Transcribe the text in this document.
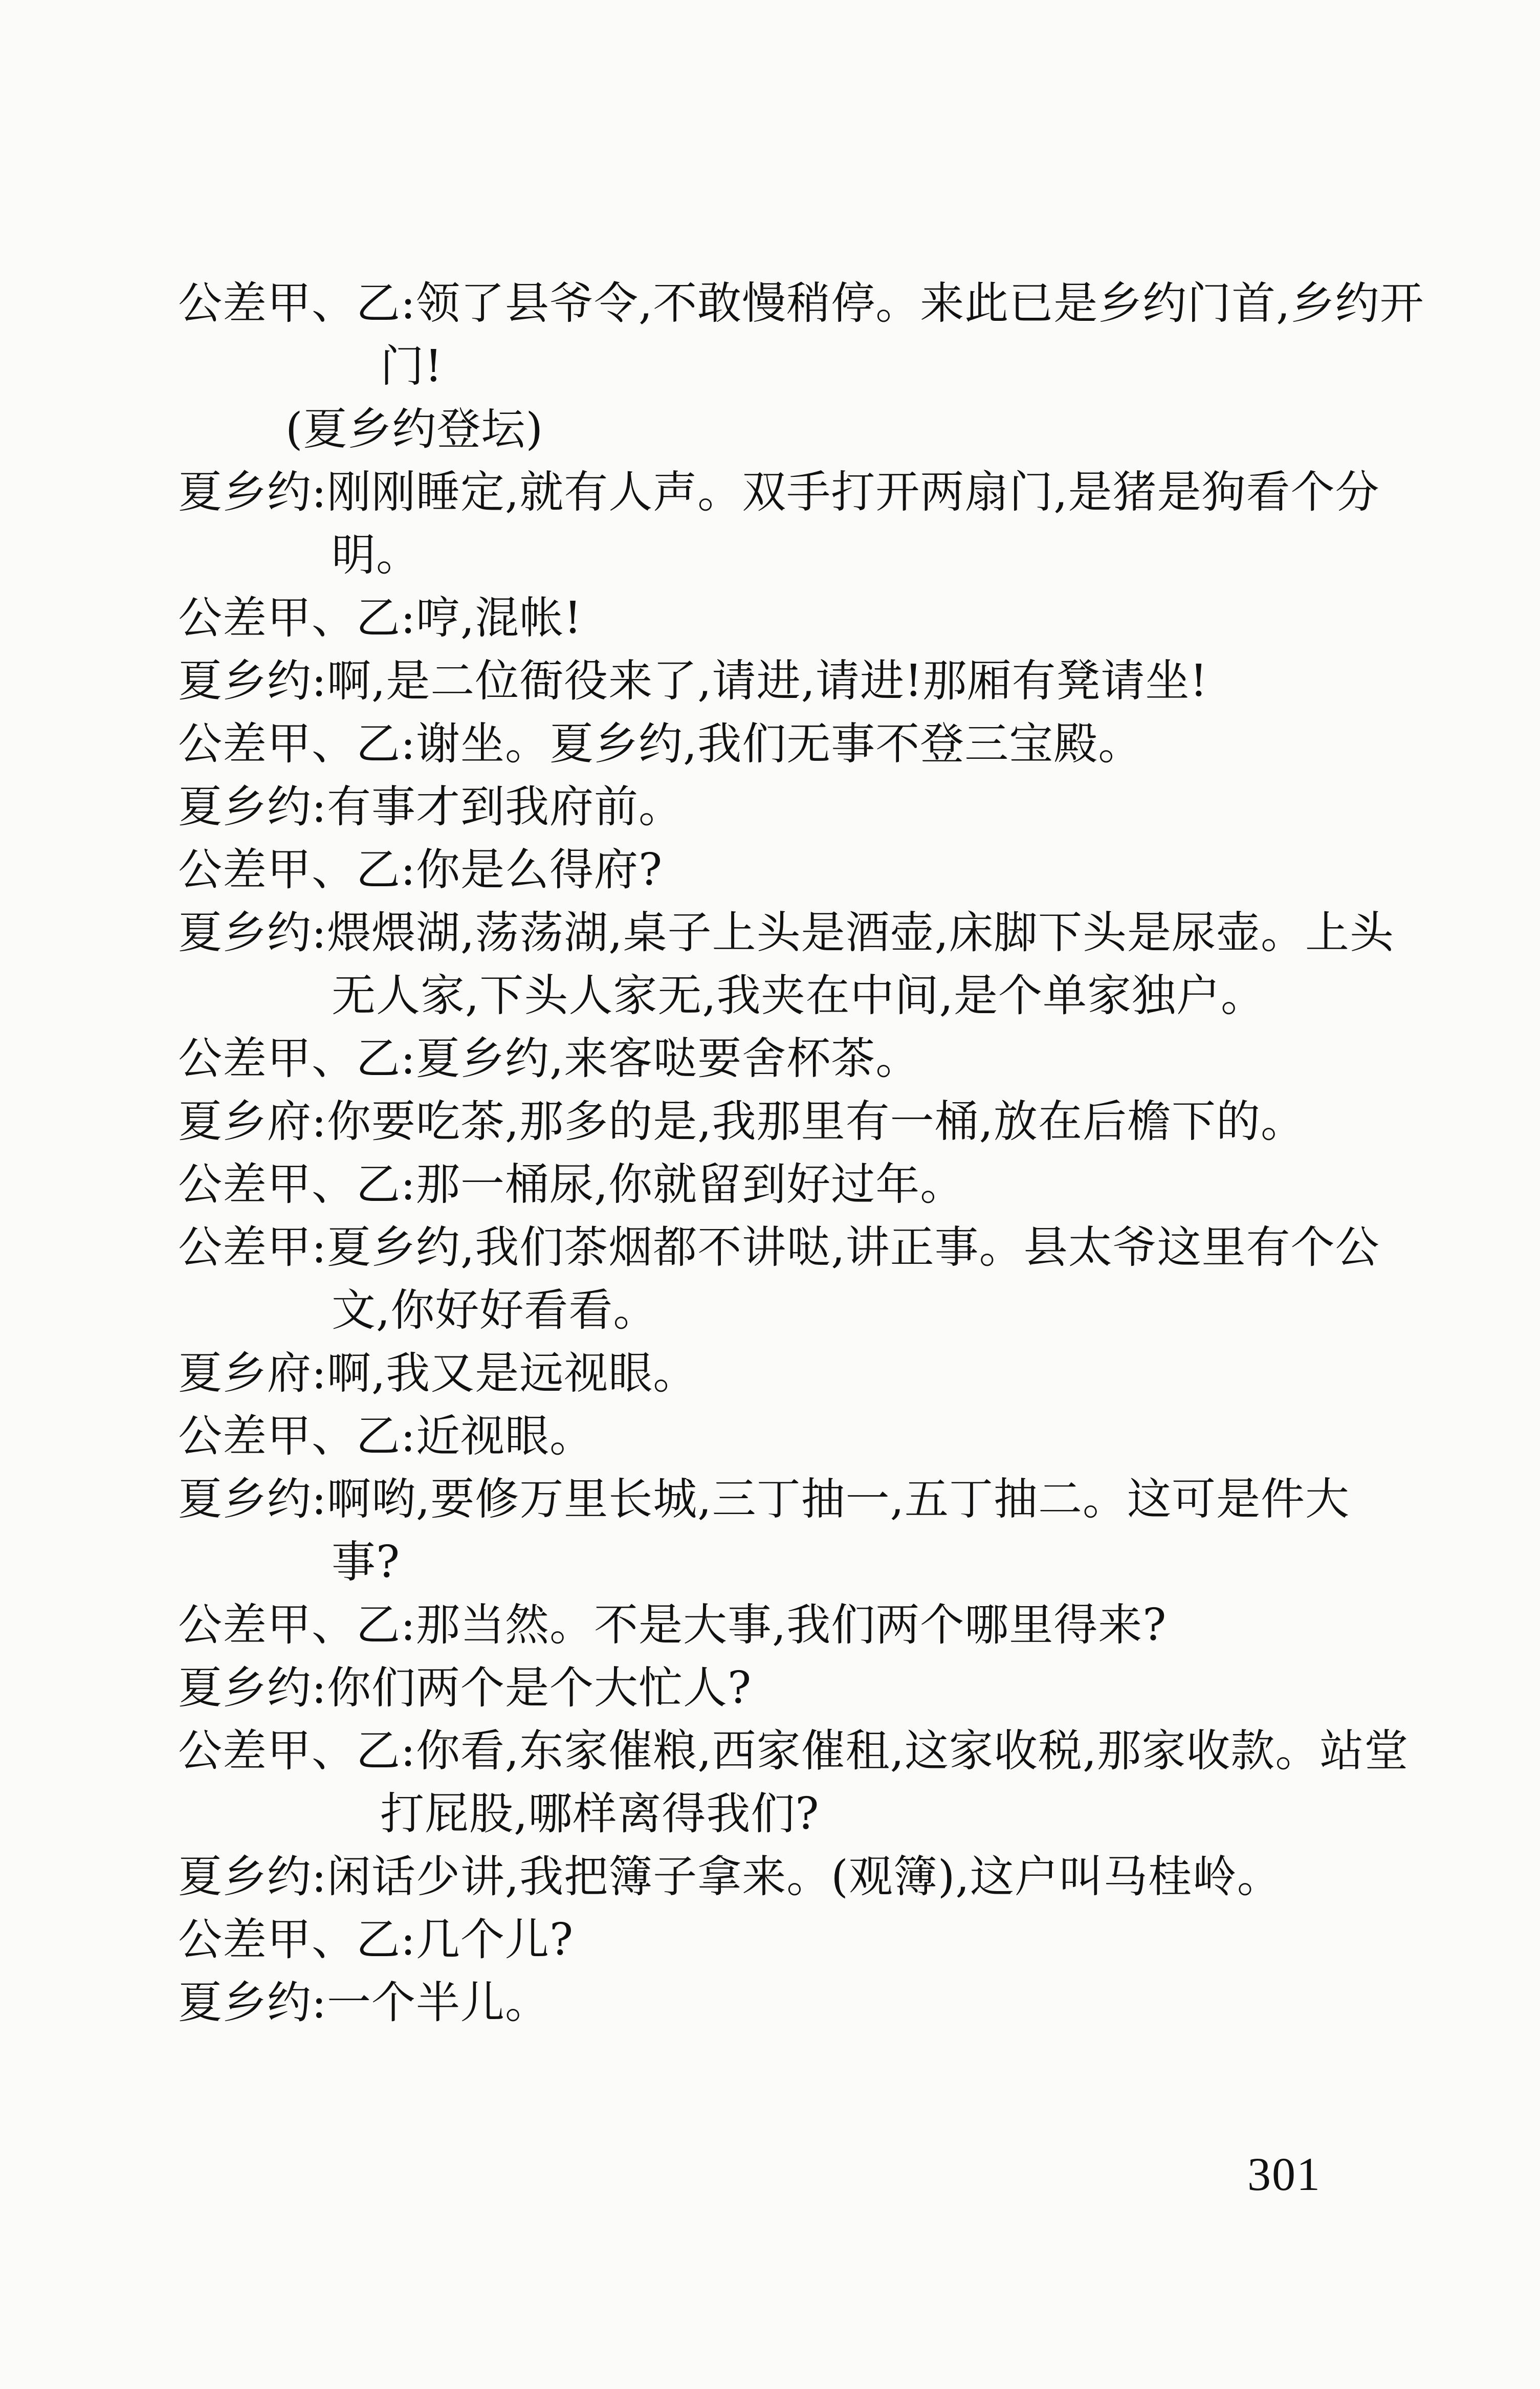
公差甲、乙:领了县爷令,不敢慢稍停。来此已是乡约门首,乡约开
门!
(夏乡约登坛)
夏乡约:刚刚睡定,就有人声。双手打开两扇门,是猪是狗看个分
明。
公差甲、乙:哼,混帐!
夏乡约:啊,是二位衙役来了,请进,请进!那厢有凳请坐!
公差甲、乙:谢坐。夏乡约,我们无事不登三宝殿。
夏乡约:有事才到我府前。
公差甲、乙:你是么得府?
夏乡约:煨煨湖,荡荡湖,桌子上头是酒壶,床脚下头是尿壶。上头
无人家,下头人家无,我夹在中间,是个单家独户。
公差甲、乙:夏乡约,来客哒要舍杯茶。
夏乡府:你要吃茶,那多的是,我那里有一桶,放在后檐下的。
公差甲、乙:那一桶尿,你就留到好过年。
公差甲:夏乡约,我们茶烟都不讲哒,讲正事。县太爷这里有个公
文,你好好看看。
夏乡府:啊,我又是远视眼。
公差甲、乙:近视眼。
夏乡约:啊哟,要修万里长城,三丁抽一,五丁抽二。这可是件大
事?
公差甲、乙:那当然。不是大事,我们两个哪里得来?
夏乡约:你们两个是个大忙人?
公差甲、乙:你看,东家催粮,西家催租,这家收税,那家收款。站堂
打屁股,哪样离得我们?
夏乡约:闲话少讲,我把簿子拿来。(观簿),这户叫马桂岭。
公差甲、乙:几个儿?
夏乡约:一个半儿。
301
